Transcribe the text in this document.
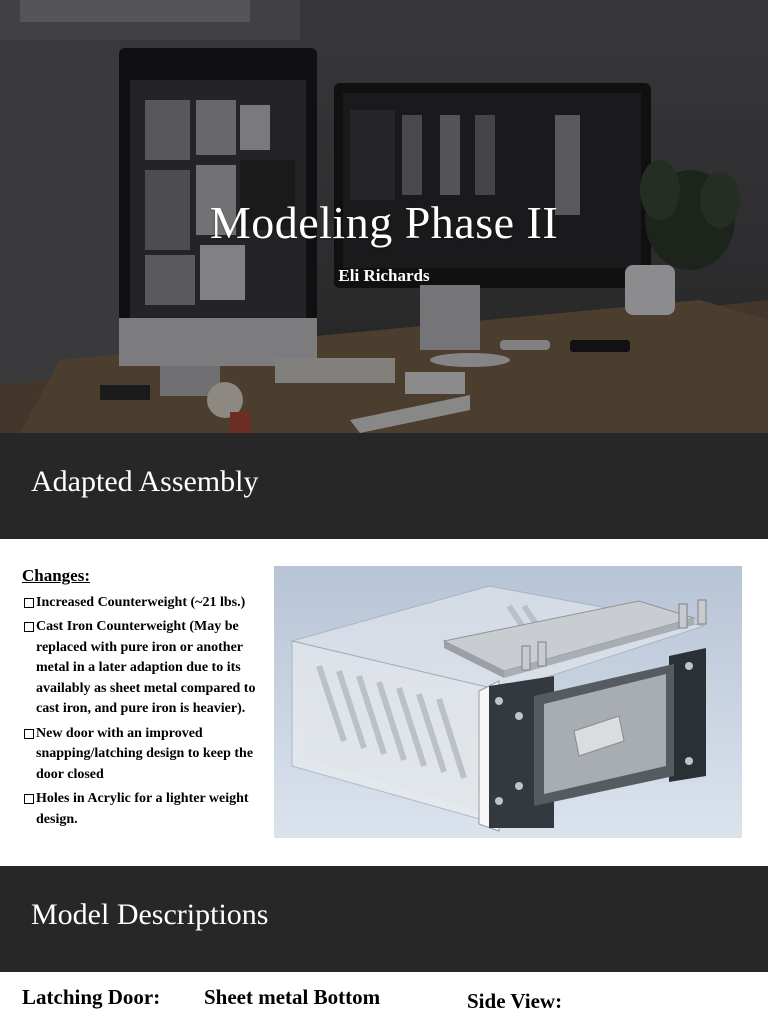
Modeling Phase II
Eli Richards
Adapted Assembly
Changes:
Increased Counterweight (~21 lbs.)
Cast Iron Counterweight (May be replaced with pure iron or another metal in a later adaption due to its availably as sheet metal compared to cast iron, and pure iron is heavier).
New door with an improved snapping/latching design to keep the door closed
Holes in Acrylic for a lighter weight design.
Model Descriptions
Latching Door: Sheet metal Bottom	Side View:
